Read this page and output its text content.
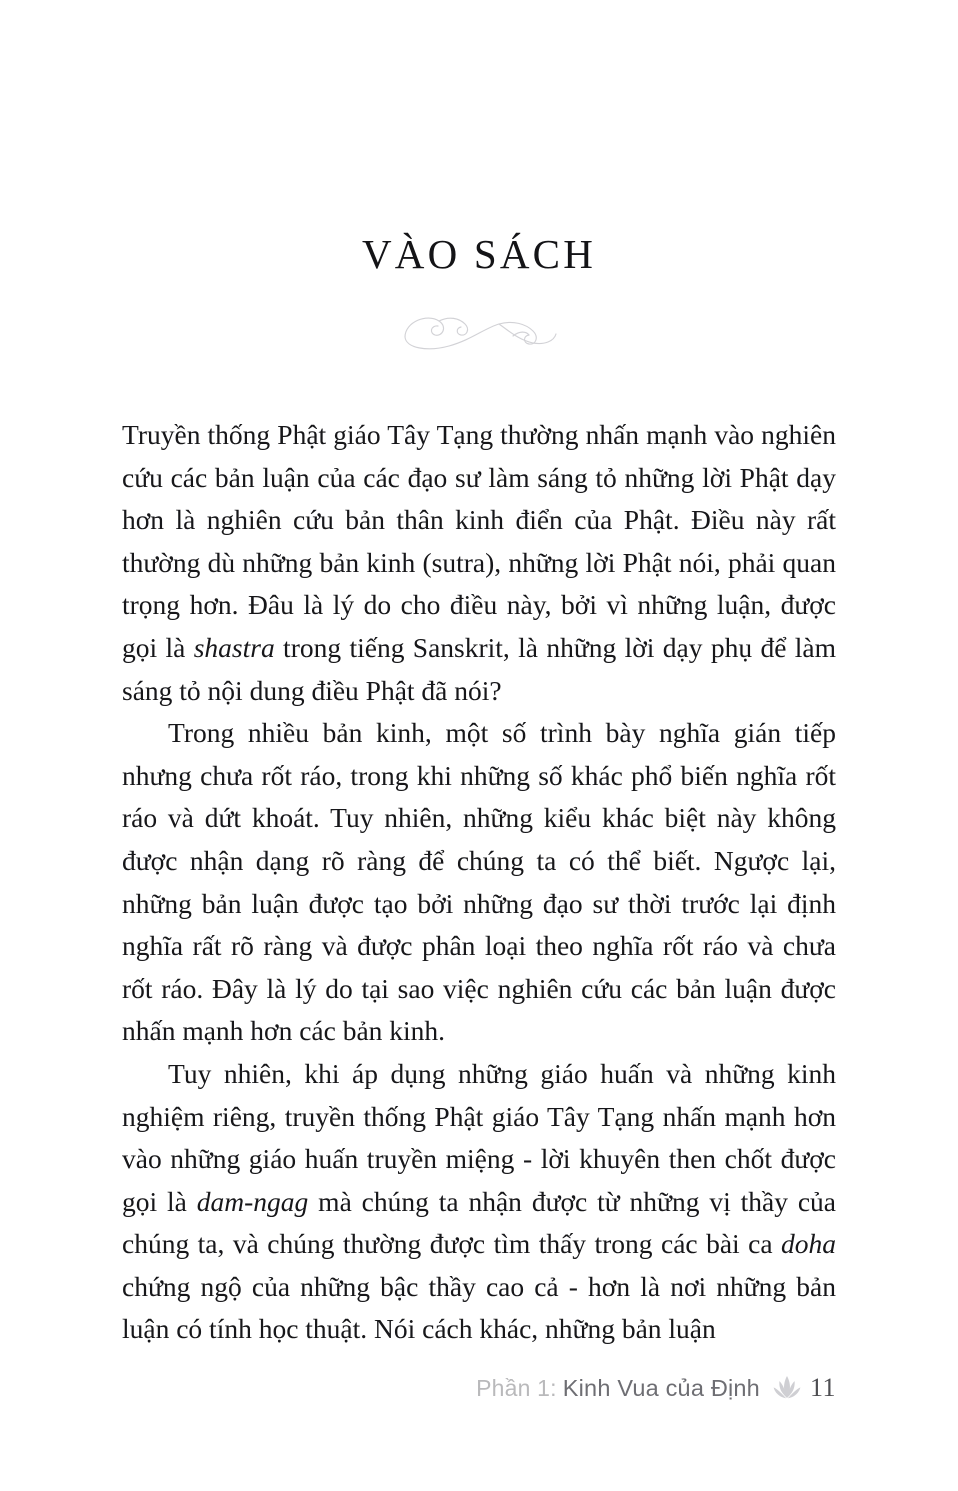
VÀO SÁCH

Truyền thống Phật giáo Tây Tạng thường nhấn mạnh vào nghiên cứu các bản luận của các đạo sư làm sáng tỏ những lời Phật dạy hơn là nghiên cứu bản thân kinh điển của Phật. Điều này rất thường dù những bản kinh (sutra), những lời Phật nói, phải quan trọng hơn. Đâu là lý do cho điều này, bởi vì những luận, được gọi là shastra trong tiếng Sanskrit, là những lời dạy phụ để làm sáng tỏ nội dung điều Phật đã nói?

Trong nhiều bản kinh, một số trình bày nghĩa gián tiếp nhưng chưa rốt ráo, trong khi những số khác phổ biến nghĩa rốt ráo và dứt khoát. Tuy nhiên, những kiểu khác biệt này không được nhận dạng rõ ràng để chúng ta có thể biết. Ngược lại, những bản luận được tạo bởi những đạo sư thời trước lại định nghĩa rất rõ ràng và được phân loại theo nghĩa rốt ráo và chưa rốt ráo. Đây là lý do tại sao việc nghiên cứu các bản luận được nhấn mạnh hơn các bản kinh.

Tuy nhiên, khi áp dụng những giáo huấn và những kinh nghiệm riêng, truyền thống Phật giáo Tây Tạng nhấn mạnh hơn vào những giáo huấn truyền miệng - lời khuyên then chốt được gọi là dam-ngag mà chúng ta nhận được từ những vị thầy của chúng ta, và chúng thường được tìm thấy trong các bài ca doha chứng ngộ của những bậc thầy cao cả - hơn là nơi những bản luận có tính học thuật. Nói cách khác, những bản luận

Phần 1: Kinh Vua của Định 11
